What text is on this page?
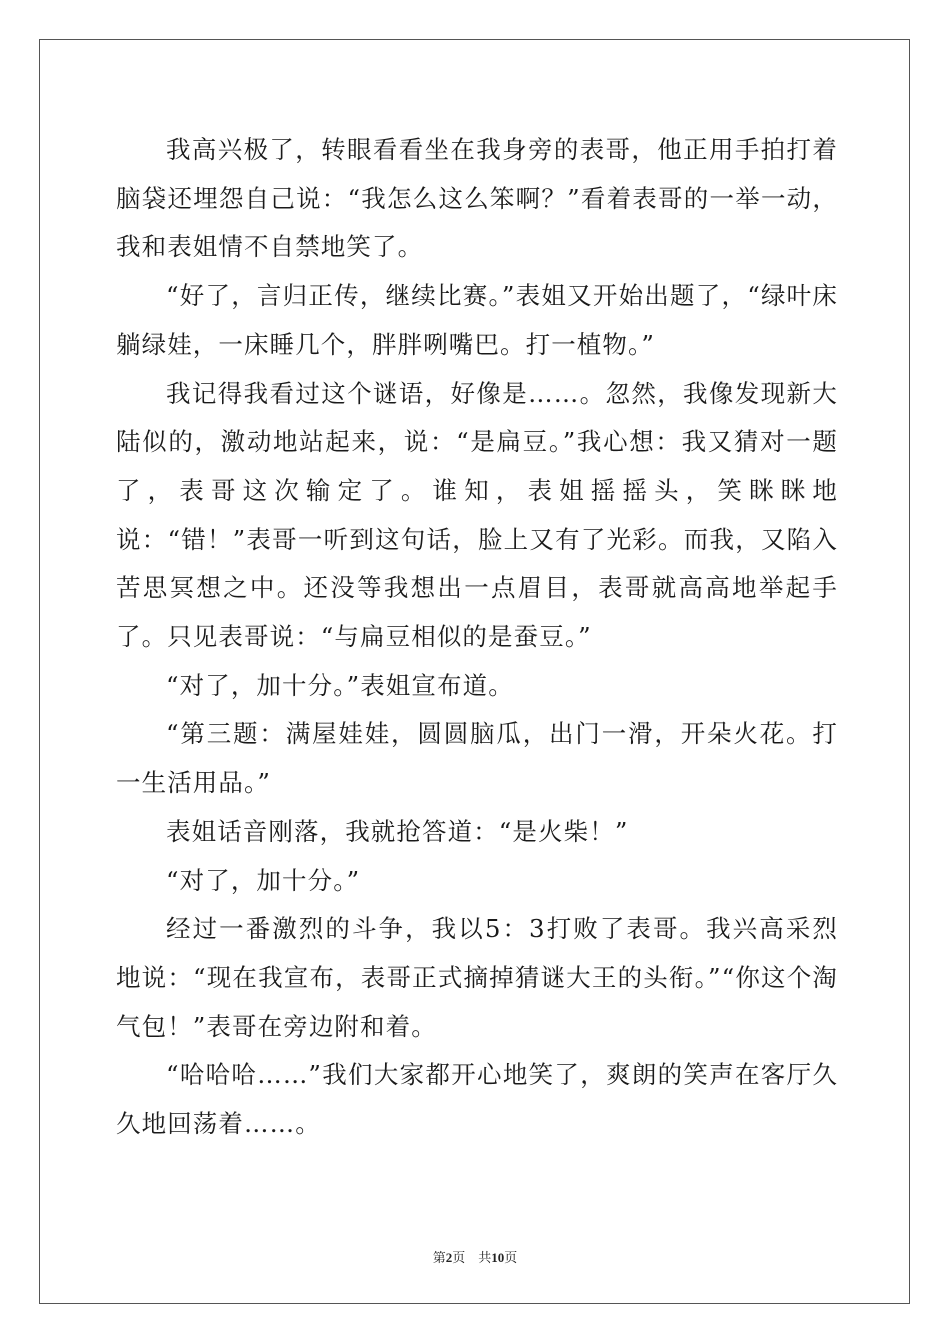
我高兴极了，转眼看看坐在我身旁的表哥，他正用手拍打着脑袋还埋怨自己说：“我怎么这么笨啊？”看着表哥的一举一动，我和表姐情不自禁地笑了。

“好了，言归正传，继续比赛。”表姐又开始出题了，“绿叶床躺绿娃，一床睡几个，胖胖咧嘴巴。打一植物。”

我记得我看过这个谜语，好像是……。忽然，我像发现新大陆似的，激动地站起来，说：“是扁豆。”我心想：我又猜对一题了，表哥这次输定了。谁知，表姐摇摇头，笑眯眯地说：“错！”表哥一听到这句话，脸上又有了光彩。而我，又陷入苦思冥想之中。还没等我想出一点眉目，表哥就高高地举起手了。只见表哥说：“与扁豆相似的是蚕豆。”

“对了，加十分。”表姐宣布道。

“第三题：满屋娃娃，圆圆脑瓜，出门一滑，开朵火花。打一生活用品。”

表姐话音刚落，我就抢答道：“是火柴！”

“对了，加十分。”

经过一番激烈的斗争，我以5：3打败了表哥。我兴高采烈地说：“现在我宣布，表哥正式摘掉猜谜大王的头衔。”“你这个淘气包！”表哥在旁边附和着。

“哈哈哈……”我们大家都开心地笑了，爽朗的笑声在客厅久久地回荡着……。

第2页　共10页
